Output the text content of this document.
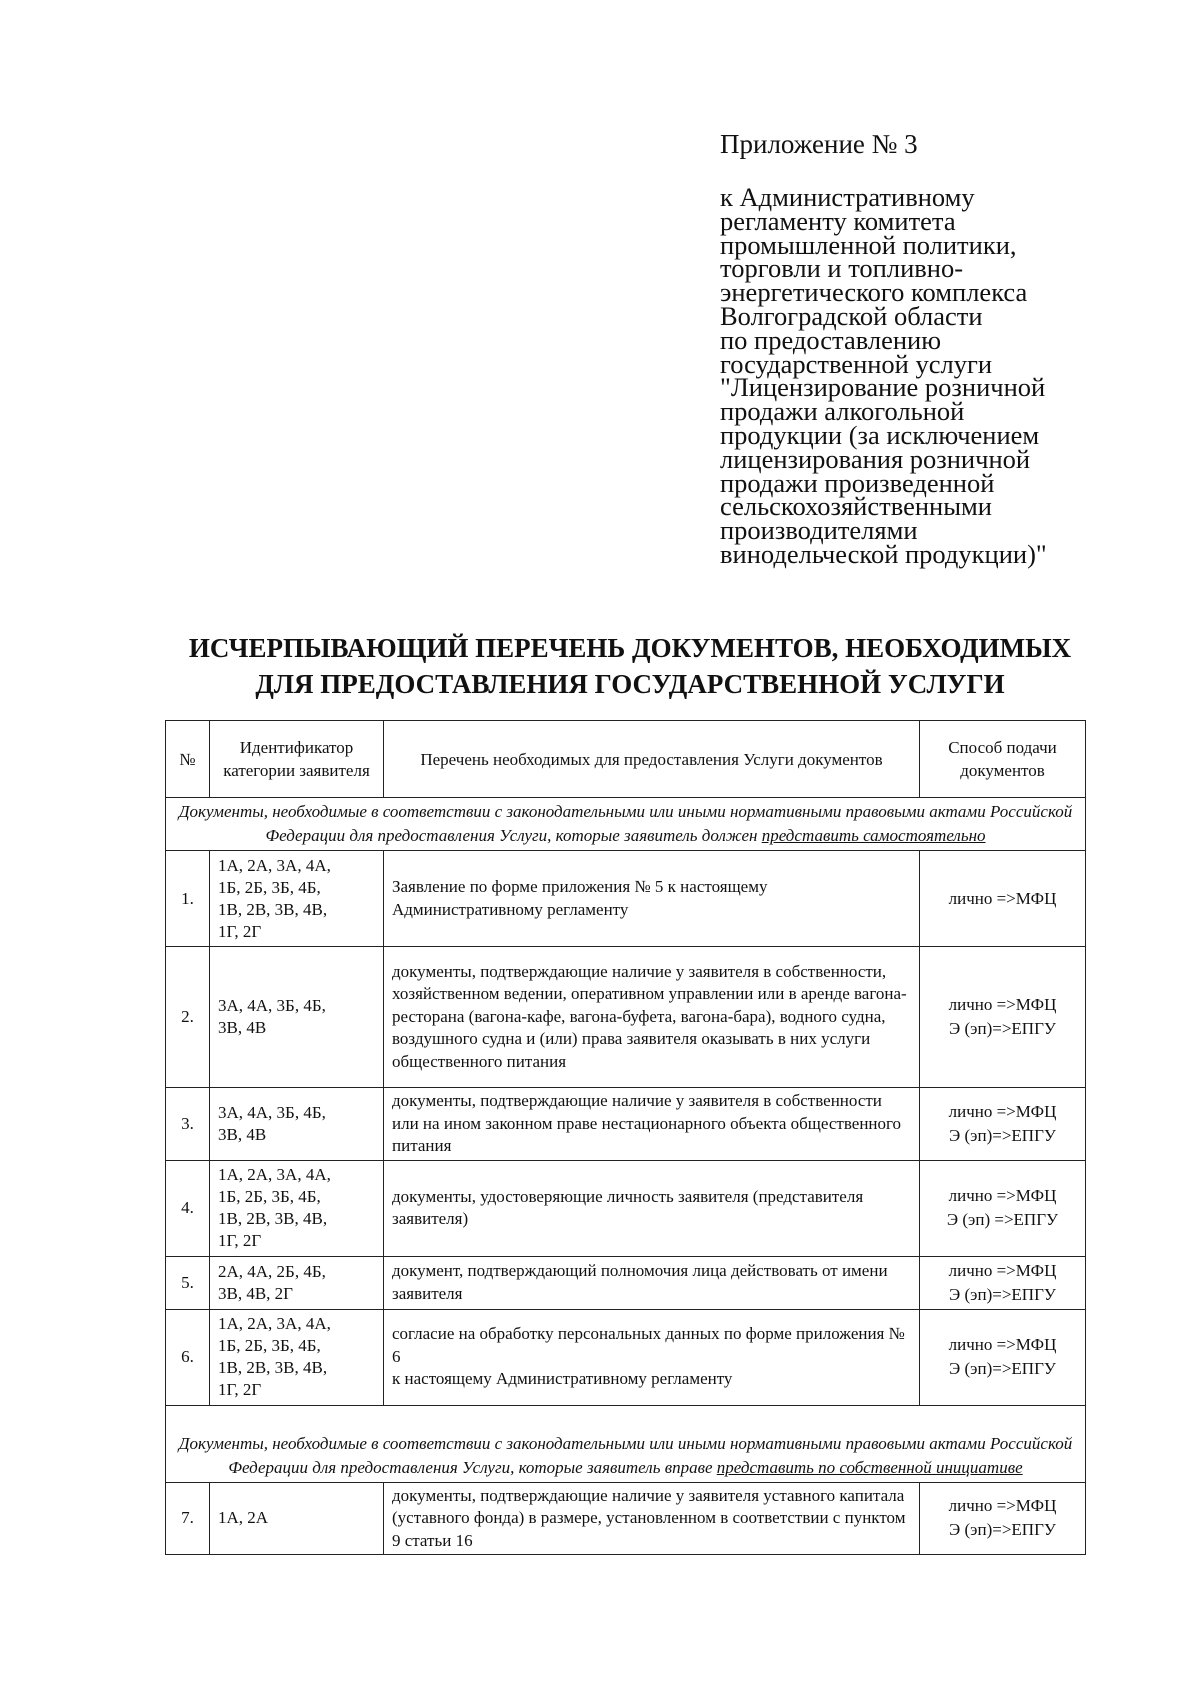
Приложение № 3

к Административному
регламенту комитета
промышленной политики,
торговли и топливно-
энергетического комплекса
Волгоградской области
по предоставлению
государственной услуги
"Лицензирование розничной
продажи алкогольной
продукции (за исключением
лицензирования розничной
продажи произведенной
сельскохозяйственными
производителями
винодельческой продукции)"

ИСЧЕРПЫВАЮЩИЙ ПЕРЕЧЕНЬ ДОКУМЕНТОВ, НЕОБХОДИМЫХ
ДЛЯ ПРЕДОСТАВЛЕНИЯ ГОСУДАРСТВЕННОЙ УСЛУГИ
№	Идентификатор категории заявителя	Перечень необходимых для предоставления Услуги документов	Способ подачи документов
Документы, необходимые в соответствии с законодательными или иными нормативными правовыми актами Российской Федерации для предоставления Услуги, которые заявитель должен представить самостоятельно			
1.	1А, 2А, 3А, 4А,
1Б, 2Б, 3Б, 4Б,
1В, 2В, 3В, 4В,
1Г, 2Г	Заявление по форме приложения № 5 к настоящему Административному регламенту	лично =>МФЦ
2.	3А, 4А, 3Б, 4Б,
3В, 4В	документы, подтверждающие наличие у заявителя в собственности, хозяйственном ведении, оперативном управлении или в аренде вагона-ресторана (вагона-кафе, вагона-буфета, вагона-бара), водного судна, воздушного судна и (или) права заявителя оказывать в них услуги общественного питания	лично =>МФЦ
Э (эп)=>ЕПГУ
3.	3А, 4А, 3Б, 4Б,
3В, 4В	документы, подтверждающие наличие у заявителя в собственности или на ином законном праве нестационарного объекта общественного питания	лично =>МФЦ
Э (эп)=>ЕПГУ
4.	1А, 2А, 3А, 4А,
1Б, 2Б, 3Б, 4Б,
1В, 2В, 3В, 4В,
1Г, 2Г	документы, удостоверяющие личность заявителя (представителя заявителя)	лично =>МФЦ
Э (эп) =>ЕПГУ
5.	2А, 4А, 2Б, 4Б,
3В, 4В, 2Г	документ, подтверждающий полномочия лица действовать от имени заявителя	лично =>МФЦ
Э (эп)=>ЕПГУ
6.	1А, 2А, 3А, 4А,
1Б, 2Б, 3Б, 4Б,
1В, 2В, 3В, 4В,
1Г, 2Г	согласие на обработку персональных данных по форме приложения № 6
к настоящему Административному регламенту	лично =>МФЦ
Э (эп)=>ЕПГУ
Документы, необходимые в соответствии с законодательными или иными нормативными правовыми актами Российской Федерации для предоставления Услуги, которые заявитель вправе представить по собственной инициативе			
7.	1А, 2А	документы, подтверждающие наличие у заявителя уставного капитала (уставного фонда) в размере, установленном в соответствии с пунктом 9 статьи 16	лично =>МФЦ
Э (эп)=>ЕПГУ
